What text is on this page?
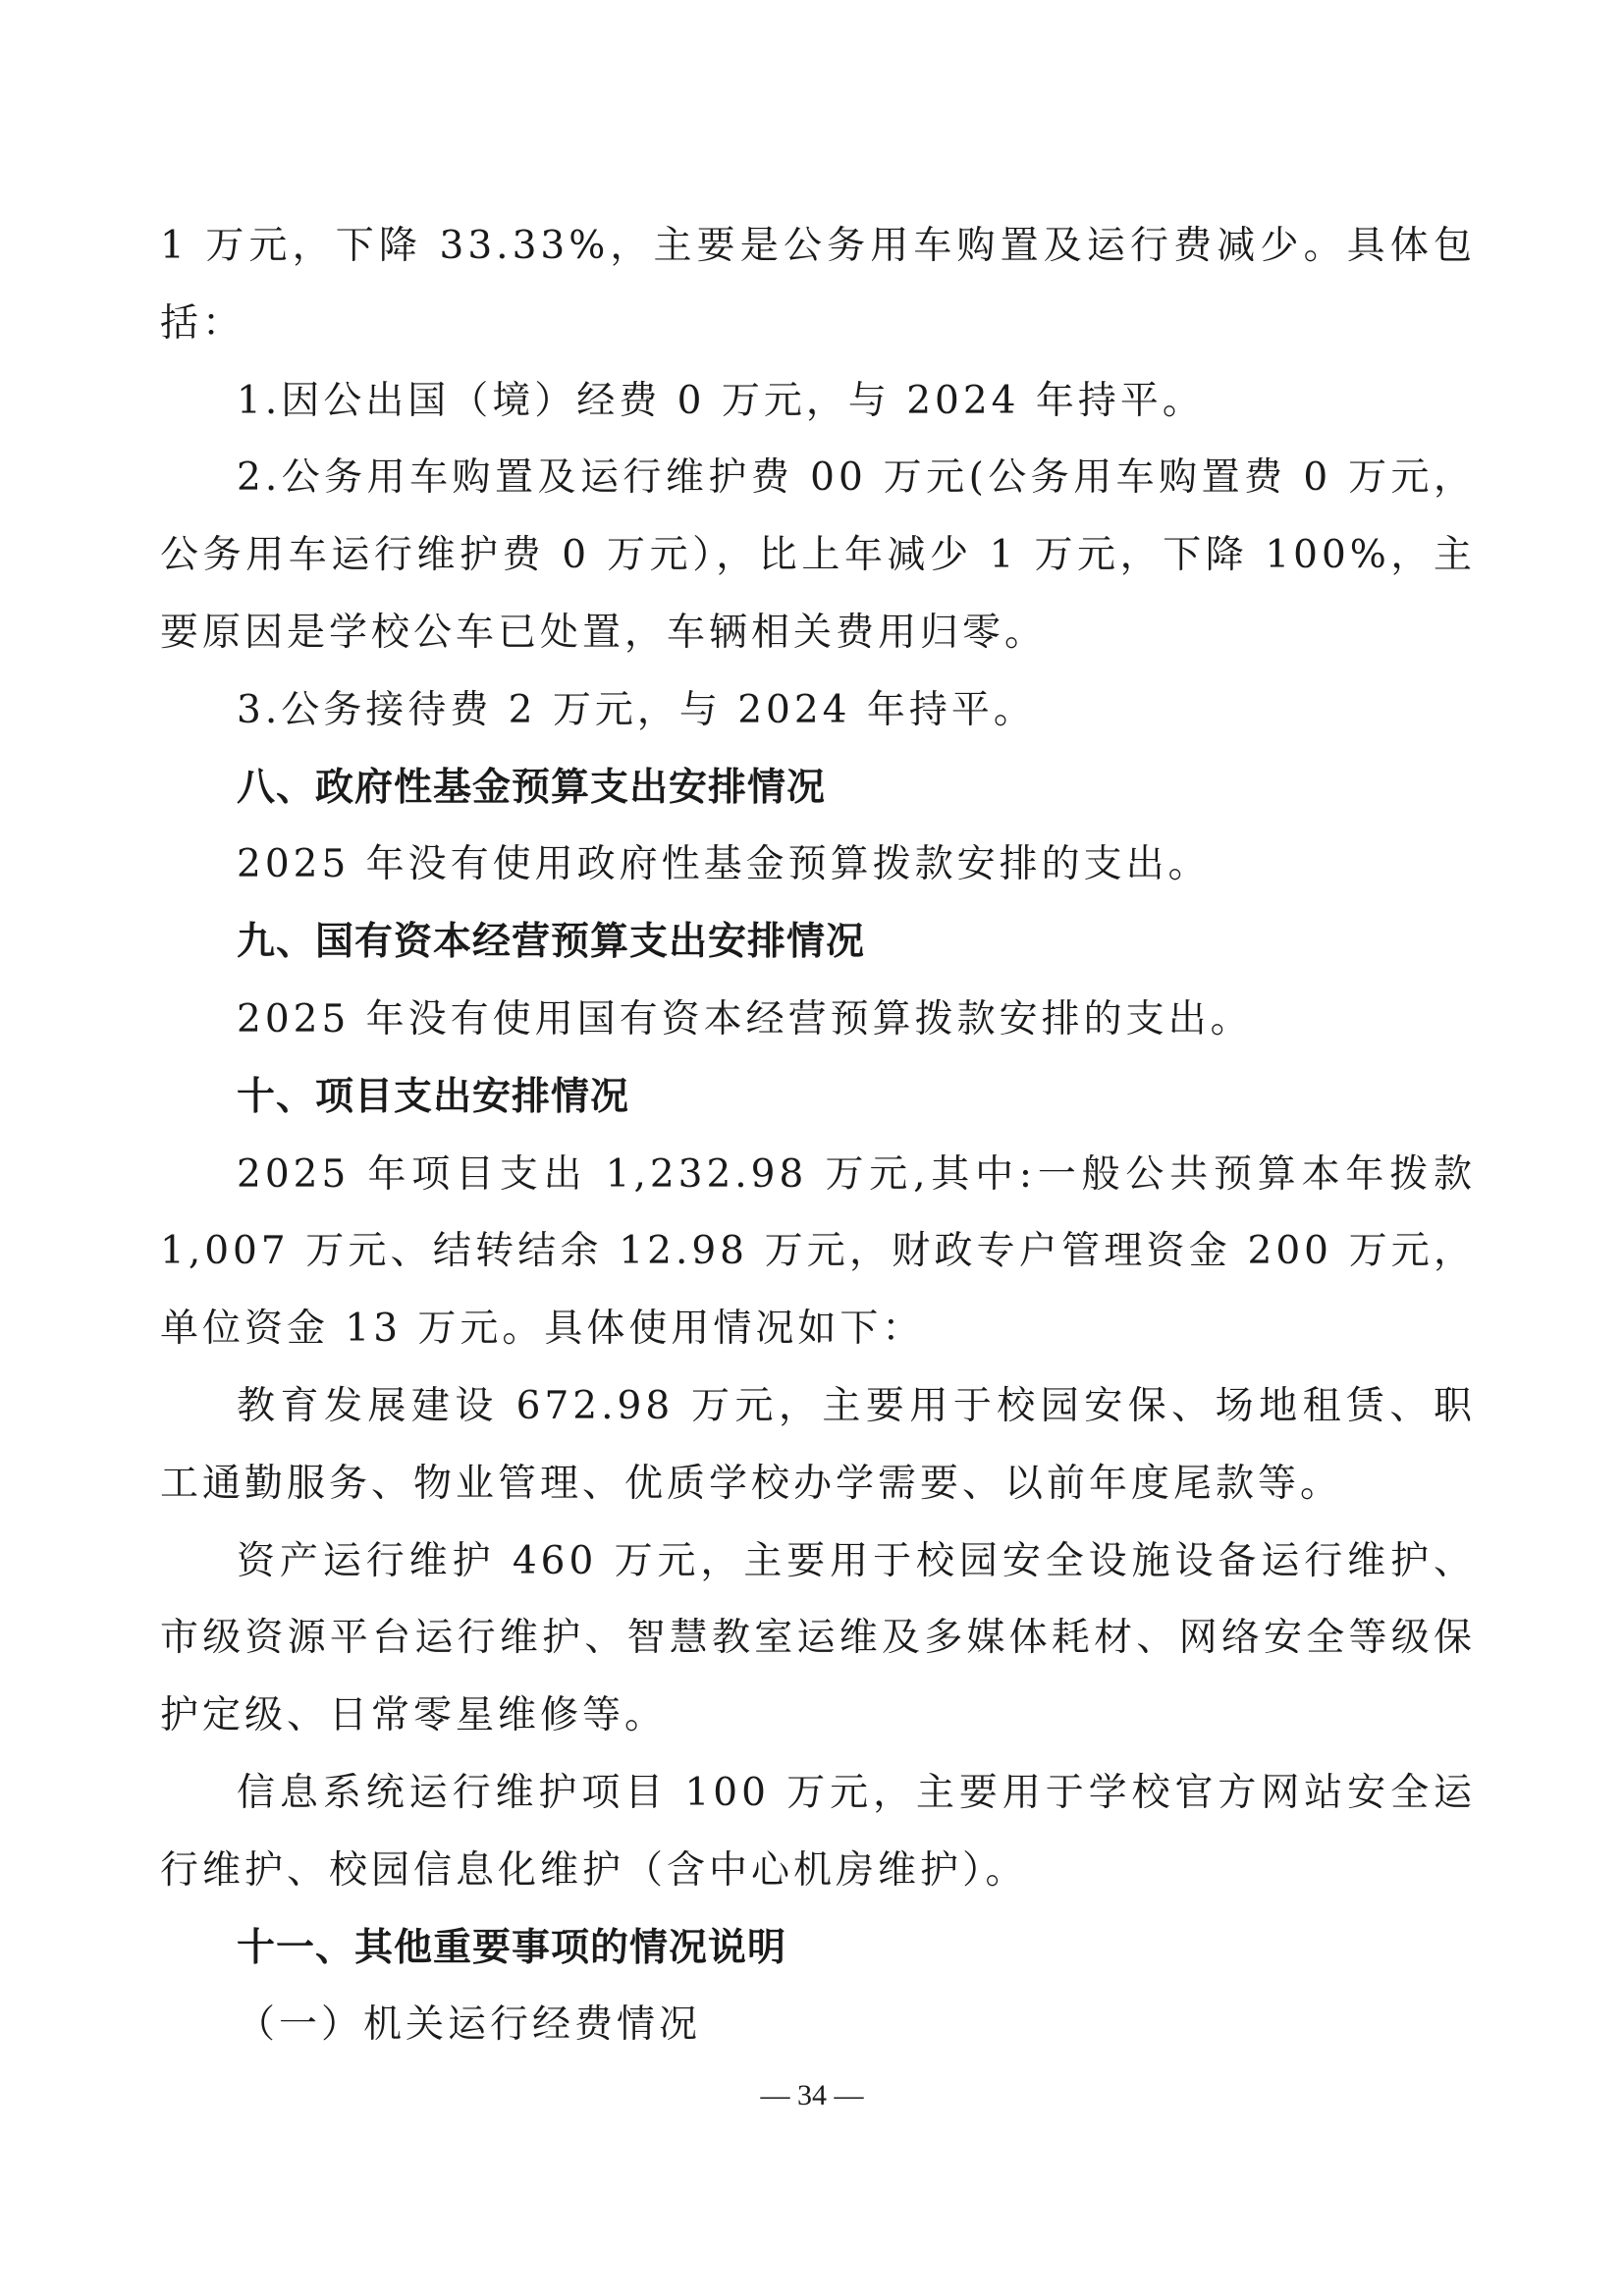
1 万元，下降 33.33%，主要是公务用车购置及运行费减少。具体包括：

1.因公出国（境）经费 0 万元，与 2024 年持平。

2.公务用车购置及运行维护费 00 万元(公务用车购置费 0 万元，公务用车运行维护费 0 万元），比上年减少 1 万元，下降 100%，主要原因是学校公车已处置，车辆相关费用归零。

3.公务接待费 2 万元，与 2024 年持平。

八、政府性基金预算支出安排情况

2025 年没有使用政府性基金预算拨款安排的支出。

九、国有资本经营预算支出安排情况

2025 年没有使用国有资本经营预算拨款安排的支出。

十、项目支出安排情况

2025 年项目支出 1,232.98 万元,其中:一般公共预算本年拨款 1,007 万元、结转结余 12.98 万元，财政专户管理资金 200 万元，单位资金 13 万元。具体使用情况如下：

教育发展建设 672.98 万元，主要用于校园安保、场地租赁、职工通勤服务、物业管理、优质学校办学需要、以前年度尾款等。

资产运行维护 460 万元，主要用于校园安全设施设备运行维护、市级资源平台运行维护、智慧教室运维及多媒体耗材、网络安全等级保护定级、日常零星维修等。

信息系统运行维护项目 100 万元，主要用于学校官方网站安全运行维护、校园信息化维护（含中心机房维护）。

十一、其他重要事项的情况说明

（一）机关运行经费情况

— 34 —
